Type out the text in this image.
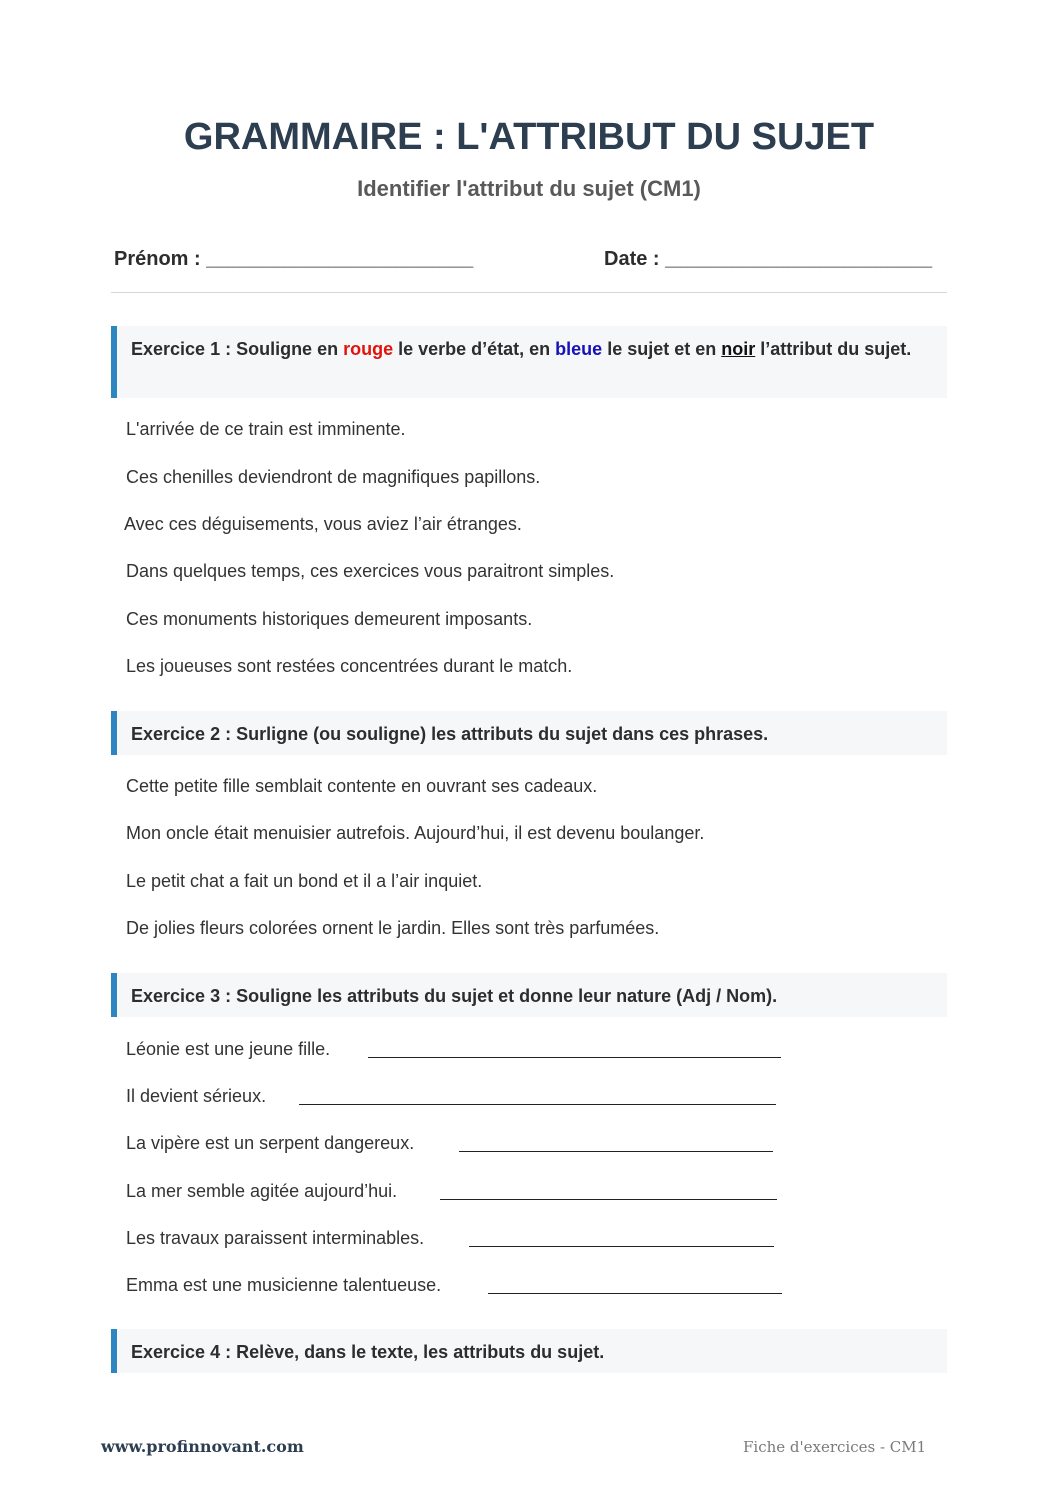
GRAMMAIRE : L'ATTRIBUT DU SUJET
Identifier l'attribut du sujet (CM1)
Prénom : ________________________	Date : ________________________
Exercice 1 : Souligne en rouge le verbe d’état, en bleue le sujet et en noir l’attribut du sujet.
L'arrivée de ce train est imminente.
Ces chenilles deviendront de magnifiques papillons.
Avec ces déguisements, vous aviez l’air étranges.
Dans quelques temps, ces exercices vous paraitront simples.
Ces monuments historiques demeurent imposants.
Les joueuses sont restées concentrées durant le match.
Exercice 2 : Surligne (ou souligne) les attributs du sujet dans ces phrases.
Cette petite fille semblait contente en ouvrant ses cadeaux.
Mon oncle était menuisier autrefois. Aujourd’hui, il est devenu boulanger.
Le petit chat a fait un bond et il a l’air inquiet.
De jolies fleurs colorées ornent le jardin. Elles sont très parfumées.
Exercice 3 : Souligne les attributs du sujet et donne leur nature (Adj / Nom).
Léonie est une jeune fille.
Il devient sérieux.
La vipère est un serpent dangereux.
La mer semble agitée aujourd’hui.
Les travaux paraissent interminables.
Emma est une musicienne talentueuse.
Exercice 4 : Relève, dans le texte, les attributs du sujet.
www.profinnovant.com	Fiche d'exercices - CM1
